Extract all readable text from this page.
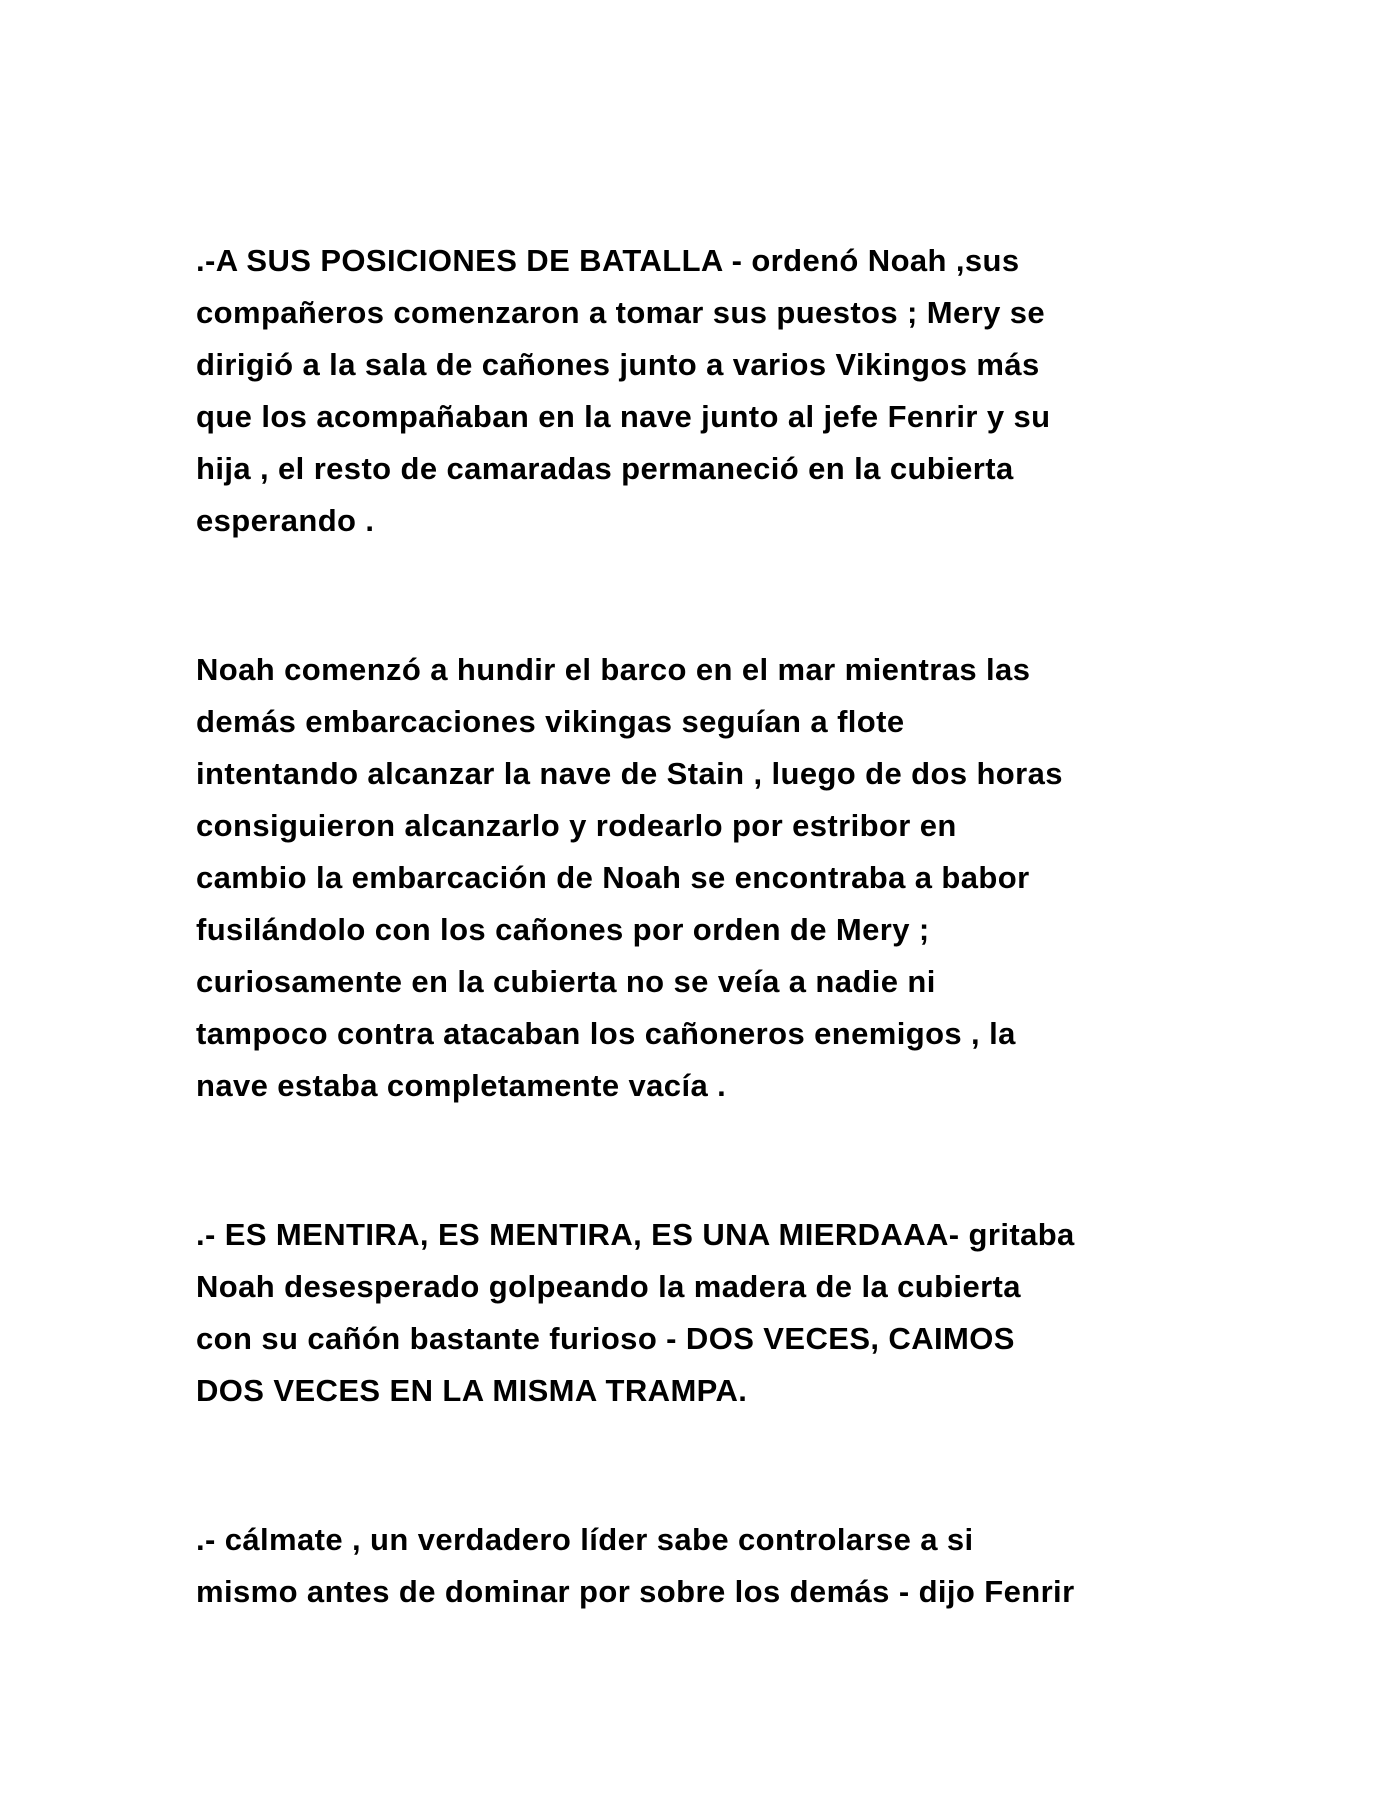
.-A SUS POSICIONES DE BATALLA - ordenó Noah ,sus
compañeros comenzaron a tomar sus puestos ; Mery se
dirigió a la sala de cañones junto a varios Vikingos más
que los acompañaban en la nave junto al jefe Fenrir y su
hija , el resto de camaradas permaneció en la cubierta
esperando .

Noah comenzó a hundir el barco en el mar mientras las
demás embarcaciones vikingas seguían a flote
intentando alcanzar la nave de Stain , luego de dos horas
consiguieron alcanzarlo y rodearlo por estribor en
cambio la embarcación de Noah se encontraba a babor
fusilándolo con los cañones por orden de Mery ;
curiosamente en la cubierta no se veía a nadie ni
tampoco contra atacaban los cañoneros enemigos , la
nave estaba completamente vacía .

.- ES MENTIRA, ES MENTIRA, ES UNA MIERDAAA- gritaba
Noah desesperado golpeando la madera de la cubierta
con su cañón bastante furioso - DOS VECES, CAIMOS
DOS VECES EN LA MISMA TRAMPA.

.- cálmate , un verdadero líder sabe controlarse a si
mismo antes de dominar por sobre los demás - dijo Fenrir
